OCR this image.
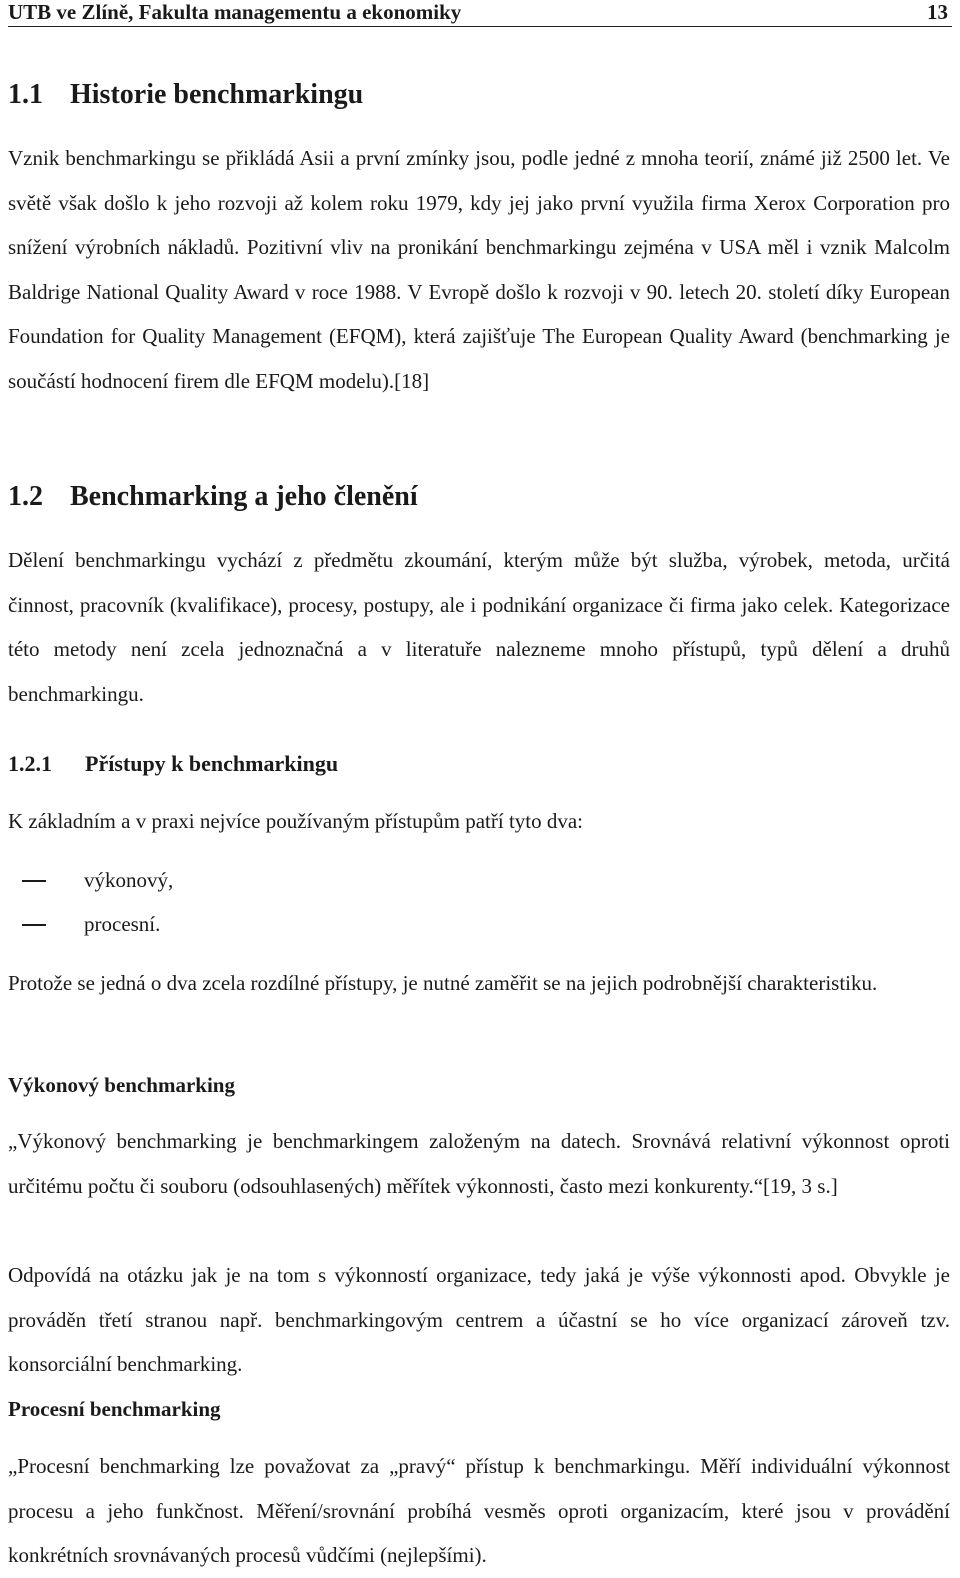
UTB ve Zlíně, Fakulta managementu a ekonomiky	13
1.1 Historie benchmarkingu

Vznik benchmarkingu se přikládá Asii a první zmínky jsou, podle jedné z mnoha teorií, známé již 2500 let. Ve světě však došlo k jeho rozvoji až kolem roku 1979, kdy jej jako první využila firma Xerox Corporation pro snížení výrobních nákladů. Pozitivní vliv na pronikání benchmarkingu zejména v USA měl i vznik Malcolm Baldrige National Quality Award v roce 1988. V Evropě došlo k rozvoji v 90. letech 20. století díky European Foundation for Quality Management (EFQM), která zajišťuje The European Quality Award (benchmarking je součástí hodnocení firem dle EFQM modelu).[18]

1.2 Benchmarking a jeho členění

Dělení benchmarkingu vychází z předmětu zkoumání, kterým může být služba, výrobek, metoda, určitá činnost, pracovník (kvalifikace), procesy, postupy, ale i podnikání organizace či firma jako celek. Kategorizace této metody není zcela jednoznačná a v literatuře nalezneme mnoho přístupů, typů dělení a druhů benchmarkingu.

1.2.1 Přístupy k benchmarkingu

K základním a v praxi nejvíce používaným přístupům patří tyto dva:

výkonový,
procesní.

Protože se jedná o dva zcela rozdílné přístupy, je nutné zaměřit se na jejich podrobnější charakteristiku.

Výkonový benchmarking

„Výkonový benchmarking je benchmarkingem založeným na datech. Srovnává relativní výkonnost oproti určitému počtu či souboru (odsouhlasených) měřítek výkonnosti, často mezi konkurenty.“[19, 3 s.]

Odpovídá na otázku jak je na tom s výkonností organizace, tedy jaká je výše výkonnosti apod. Obvykle je prováděn třetí stranou např. benchmarkingovým centrem a účastní se ho více organizací zároveň tzv. konsorciální benchmarking.

Procesní benchmarking

„Procesní benchmarking lze považovat za „pravý“ přístup k benchmarkingu. Měří individuální výkonnost procesu a jeho funkčnost. Měření/srovnání probíhá vesměs oproti organizacím, které jsou v provádění konkrétních srovnávaných procesů vůdčími (nejlepšími).
